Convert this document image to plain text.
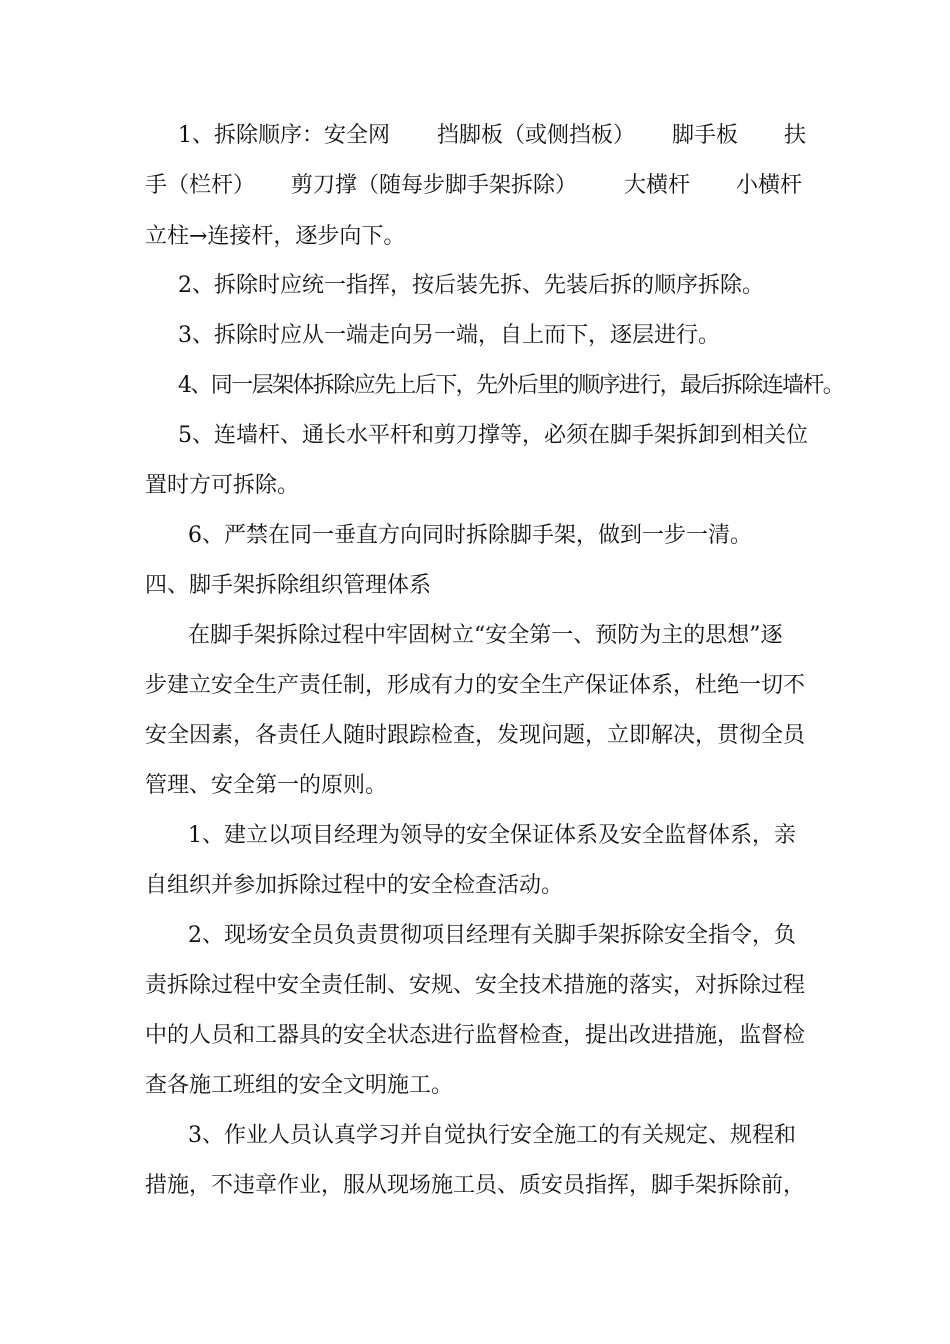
1、拆除顺序：安全网 挡脚板（或侧挡板） 脚手板 扶
手（栏杆） 剪刀撑（随每步脚手架拆除） 大横杆 小横杆
立柱→连接杆，逐步向下。
2、拆除时应统一指挥，按后装先拆、先装后拆的顺序拆除。
3、拆除时应从一端走向另一端，自上而下，逐层进行。
4、同一层架体拆除应先上后下，先外后里的顺序进行，最后拆除连墙杆。
5、连墙杆、通长水平杆和剪刀撑等，必须在脚手架拆卸到相关位
置时方可拆除。
6、严禁在同一垂直方向同时拆除脚手架，做到一步一清。
四、脚手架拆除组织管理体系
在脚手架拆除过程中牢固树立“安全第一、预防为主的思想”逐
步建立安全生产责任制，形成有力的安全生产保证体系，杜绝一切不
安全因素，各责任人随时跟踪检查，发现问题，立即解决，贯彻全员
管理、安全第一的原则。
1、建立以项目经理为领导的安全保证体系及安全监督体系，亲
自组织并参加拆除过程中的安全检查活动。
2、现场安全员负责贯彻项目经理有关脚手架拆除安全指令，负
责拆除过程中安全责任制、安规、安全技术措施的落实，对拆除过程
中的人员和工器具的安全状态进行监督检查，提出改进措施，监督检
查各施工班组的安全文明施工。
3、作业人员认真学习并自觉执行安全施工的有关规定、规程和
措施，不违章作业，服从现场施工员、质安员指挥，脚手架拆除前，
